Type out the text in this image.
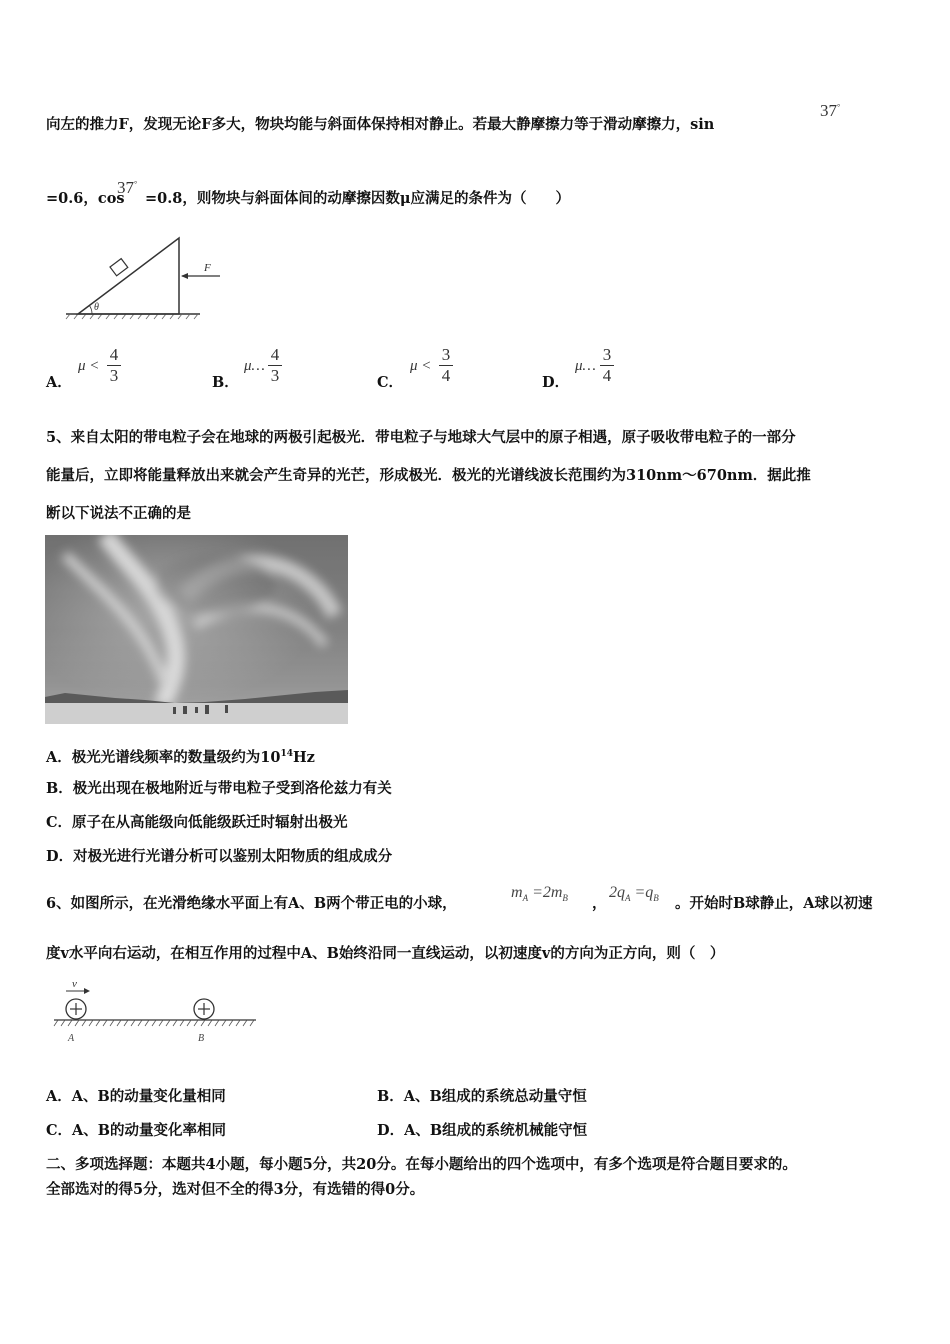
向左的推力F，发现无论F多大，物块均能与斜面体保持相对静止。若最大静摩擦力等于滑动摩擦力，sin
37°
=0.6，cos
37°
=0.8，则物块与斜面体间的动摩擦因数μ应满足的条件为（　　）
θ
F
A．
μ <
4
3	B．
μ…
4
3	C．
μ <
3
4	D．
μ…
3
4
5、来自太阳的带电粒子会在地球的两极引起极光．带电粒子与地球大气层中的原子相遇，原子吸收带电粒子的一部分
能量后，立即将能量释放出来就会产生奇异的光芒，形成极光．极光的光谱线波长范围约为310nm～670nm．据此推
断以下说法不正确的是
A．极光光谱线频率的数量级约为$10^{14}Hz$
B．极光出现在极地附近与带电粒子受到洛伦兹力有关
C．原子在从高能级向低能级跃迁时辐射出极光
D．对极光进行光谱分析可以鉴别太阳物质的组成成分
6、如图所示，在光滑绝缘水平面上有A、B两个带正电的小球，
$m_A =2m_B$ ，
$2q_A =q_B$ 。开始时B球静止，A球以初速
度v水平向右运动，在相互作用的过程中A、B始终沿同一直线运动，以初速度v的方向为正方向，则（　）
v
A	B
A．A、B的动量变化量相同	B．A、B组成的系统总动量守恒
C．A、B的动量变化率相同	D．A、B组成的系统机械能守恒
二、多项选择题：本题共4小题，每小题5分，共20分。在每小题给出的四个选项中，有多个选项是符合题目要求的。
全部选对的得5分，选对但不全的得3分，有选错的得0分。
